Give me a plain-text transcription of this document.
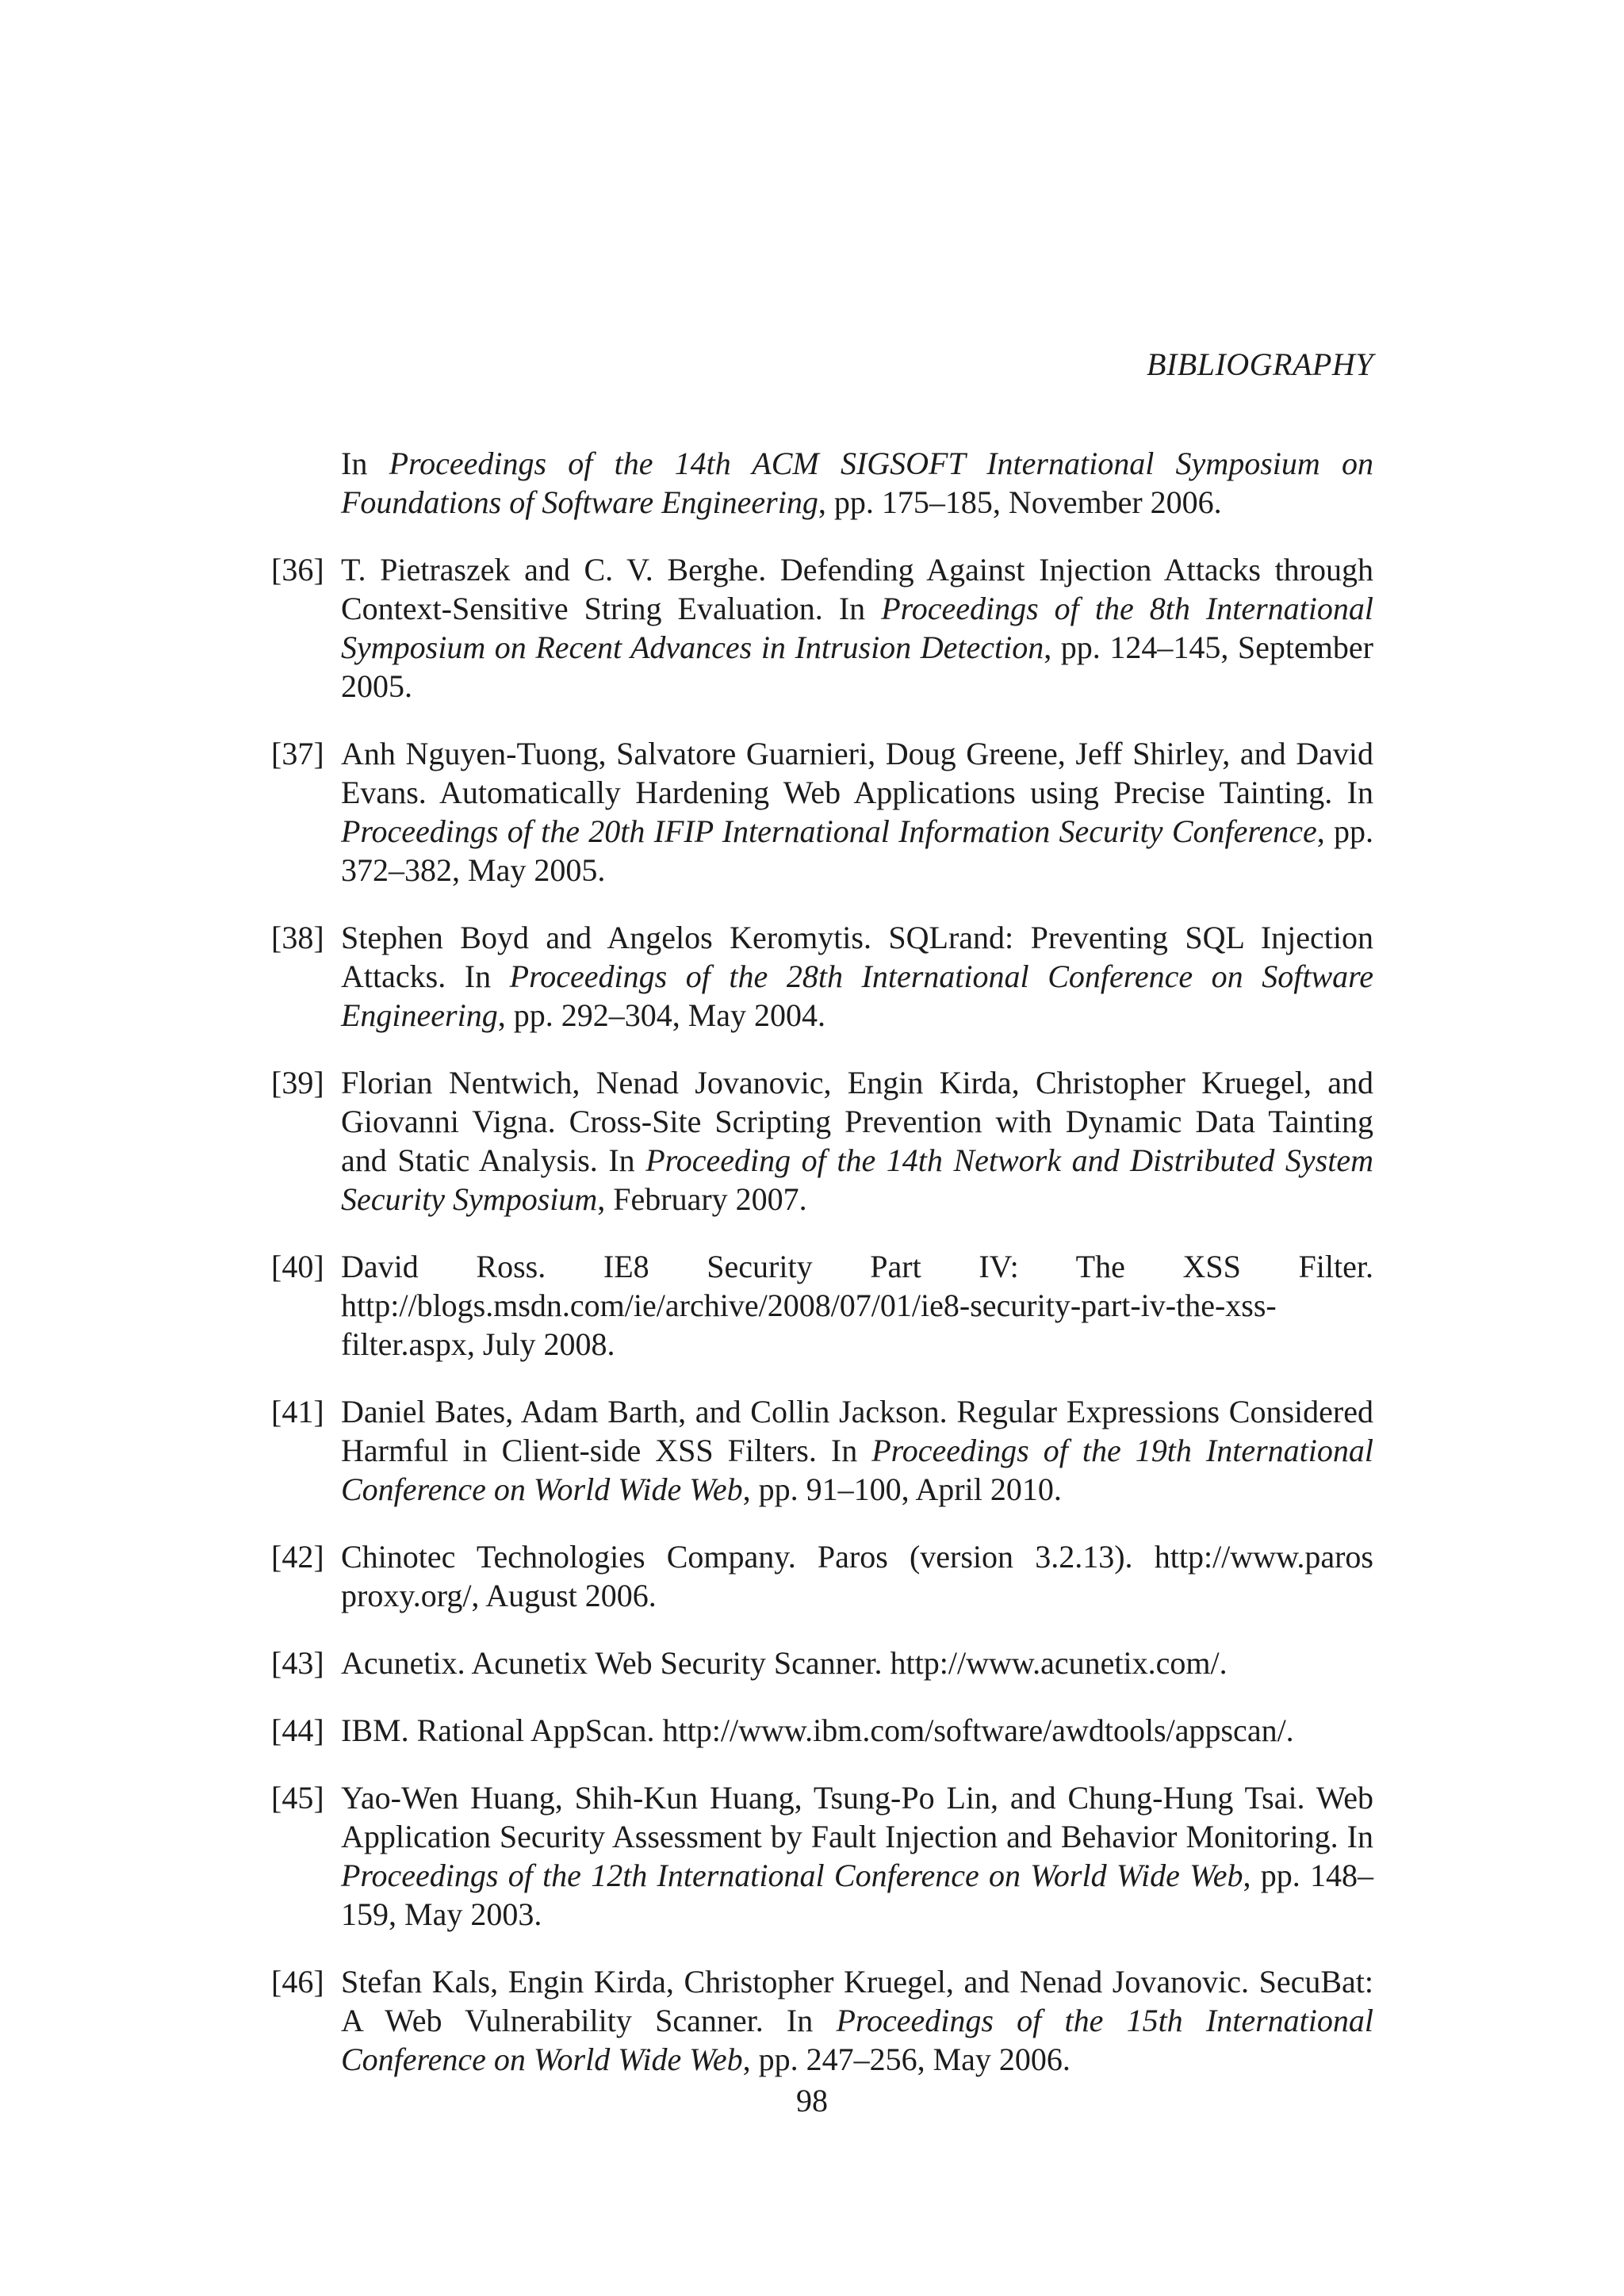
BIBLIOGRAPHY
In Proceedings of the 14th ACM SIGSOFT International Symposium on Foundations of Software Engineering, pp. 175–185, November 2006.
[36] T. Pietraszek and C. V. Berghe. Defending Against Injection Attacks through Context-Sensitive String Evaluation. In Proceedings of the 8th International Symposium on Recent Advances in Intrusion Detection, pp. 124–145, September 2005.
[37] Anh Nguyen-Tuong, Salvatore Guarnieri, Doug Greene, Jeff Shirley, and David Evans. Automatically Hardening Web Applications using Precise Tainting. In Proceedings of the 20th IFIP International Information Security Conference, pp. 372–382, May 2005.
[38] Stephen Boyd and Angelos Keromytis. SQLrand: Preventing SQL Injection Attacks. In Proceedings of the 28th International Conference on Software Engineering, pp. 292–304, May 2004.
[39] Florian Nentwich, Nenad Jovanovic, Engin Kirda, Christopher Kruegel, and Giovanni Vigna. Cross-Site Scripting Prevention with Dynamic Data Tainting and Static Analysis. In Proceeding of the 14th Network and Distributed System Security Symposium, February 2007.
[40] David Ross. IE8 Security Part IV: The XSS Filter. http://blogs.msdn.com/ie/archive/2008/07/01/ie8-security-part-iv-the-xss-filter.aspx, July 2008.
[41] Daniel Bates, Adam Barth, and Collin Jackson. Regular Expressions Considered Harmful in Client-side XSS Filters. In Proceedings of the 19th International Conference on World Wide Web, pp. 91–100, April 2010.
[42] Chinotec Technologies Company. Paros (version 3.2.13). http://www.paros proxy.org/, August 2006.
[43] Acunetix. Acunetix Web Security Scanner. http://www.acunetix.com/.
[44] IBM. Rational AppScan. http://www.ibm.com/software/awdtools/appscan/.
[45] Yao-Wen Huang, Shih-Kun Huang, Tsung-Po Lin, and Chung-Hung Tsai. Web Application Security Assessment by Fault Injection and Behavior Monitoring. In Proceedings of the 12th International Conference on World Wide Web, pp. 148–159, May 2003.
[46] Stefan Kals, Engin Kirda, Christopher Kruegel, and Nenad Jovanovic. SecuBat: A Web Vulnerability Scanner. In Proceedings of the 15th International Conference on World Wide Web, pp. 247–256, May 2006.
98
